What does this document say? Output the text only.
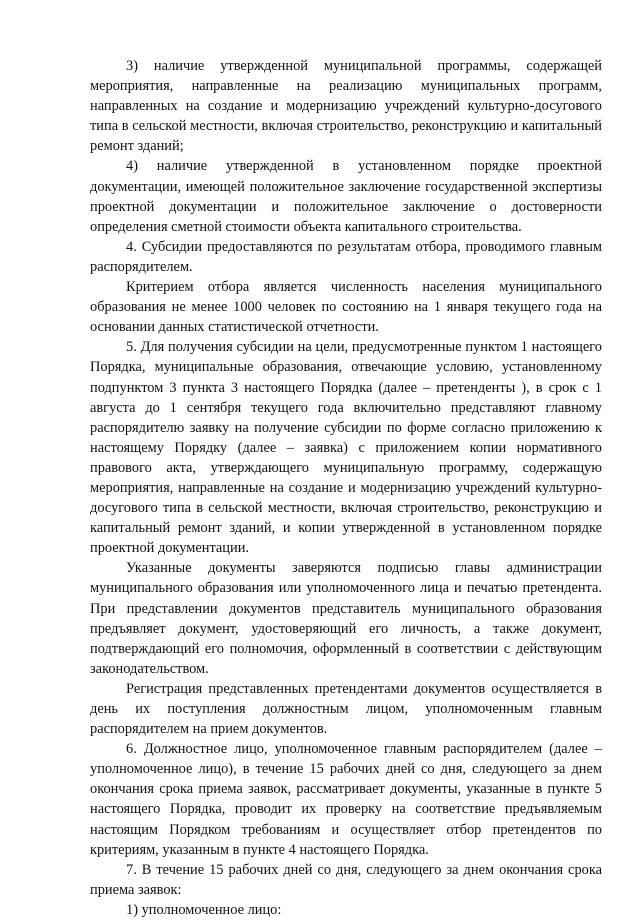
3) наличие утвержденной муниципальной программы, содержащей мероприятия, направленные на реализацию муниципальных программ, направленных на создание и модернизацию учреждений культурно-досугового типа в сельской местности, включая строительство, реконструкцию и капитальный ремонт зданий;

4) наличие утвержденной в установленном порядке проектной документации, имеющей положительное заключение государственной экспертизы проектной документации и положительное заключение о достоверности определения сметной стоимости объекта капитального строительства.

4. Субсидии предоставляются по результатам отбора, проводимого главным распорядителем.

Критерием отбора является численность населения муниципального образования не менее 1000 человек по состоянию на 1 января текущего года на основании данных статистической отчетности.

5. Для получения субсидии на цели, предусмотренные пунктом 1 настоящего Порядка, муниципальные образования, отвечающие условию, установленному подпунктом 3 пункта 3 настоящего Порядка (далее – претенденты ), в срок с 1 августа до 1 сентября текущего года включительно представляют главному распорядителю заявку на получение субсидии по форме согласно приложению к настоящему Порядку (далее – заявка) с приложением копии нормативного правового акта, утверждающего муниципальную программу, содержащую мероприятия, направленные на создание и модернизацию учреждений культурно-досугового типа в сельской местности, включая строительство, реконструкцию и капитальный ремонт зданий, и копии утвержденной в установленном порядке проектной документации.

Указанные документы заверяются подписью главы администрации муниципального образования или уполномоченного лица и печатью претендента. При представлении документов представитель муниципального образования предъявляет документ, удостоверяющий его личность, а также документ, подтверждающий его полномочия, оформленный в соответствии с действующим законодательством.

Регистрация представленных претендентами документов осуществляется в день их поступления должностным лицом, уполномоченным главным распорядителем на прием документов.

6. Должностное лицо, уполномоченное главным распорядителем (далее – уполномоченное лицо), в течение 15 рабочих дней со дня, следующего за днем окончания срока приема заявок, рассматривает документы, указанные в пункте 5 настоящего Порядка, проводит их проверку на соответствие предъявляемым настоящим Порядком требованиям и осуществляет отбор претендентов по критериям, указанным в пункте 4 настоящего Порядка.

7. В течение 15 рабочих дней со дня, следующего за днем окончания срока приема заявок:

1) уполномоченное лицо:
